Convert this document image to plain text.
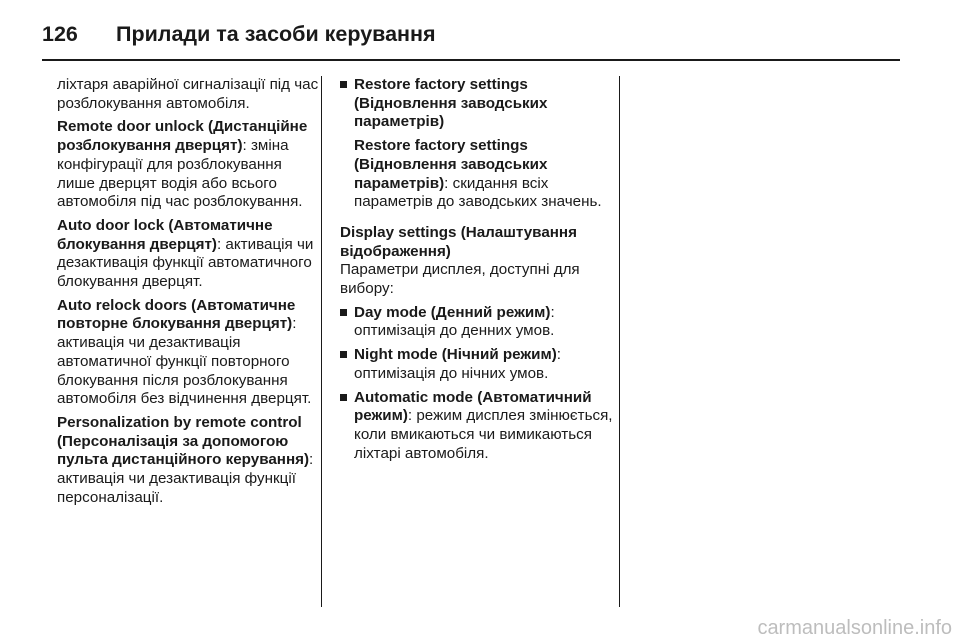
126 Прилади та засоби керування

ліхтаря аварійної сигналізації під час розблокування автомобіля.

Remote door unlock (Дистанційне розблокування дверцят): зміна конфігурації для розблокування лише дверцят водія або всього автомобіля під час розблокування.

Auto door lock (Автоматичне блокування дверцят): активація чи дезактивація функції автоматичного блокування дверцят.

Auto relock doors (Автоматичне повторне блокування дверцят): активація чи дезактивація автоматичної функції повторного блокування після розблокування автомобіля без відчинення дверцят.

Personalization by remote control (Персоналізація за допомогою пульта дистанційного керування): активація чи дезактивація функції персоналізації.

Restore factory settings (Відновлення заводських параметрів)

Restore factory settings (Відновлення заводських параметрів): скидання всіх параметрів до заводських значень.

Display settings (Налаштування відображення)

Параметри дисплея, доступні для вибору:

Day mode (Денний режим): оптимізація до денних умов.
Night mode (Нічний режим): оптимізація до нічних умов.
Automatic mode (Автоматичний режим): режим дисплея змінюється, коли вмикаються чи вимикаються ліхтарі автомобіля.
carmanualsonline.info
